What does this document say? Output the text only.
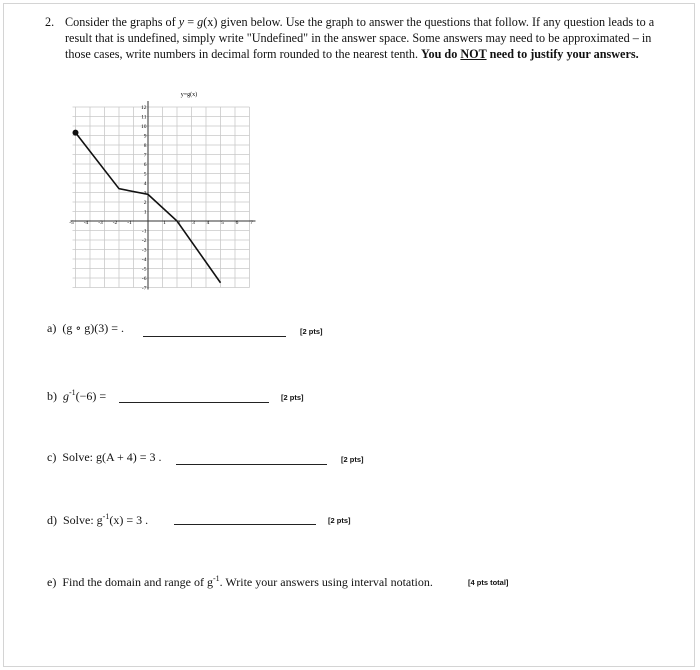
2. Consider the graphs of y = g(x) given below. Use the graph to answer the questions that follow. If any question leads to a result that is undefined, simply write "Undefined" in the answer space. Some answers may need to be approximated – in those cases, write numbers in decimal form rounded to the nearest tenth. You do NOT need to justify your answers.
-5 -4 -3 -2 -1	1 2 3 4 5 6 7
12
11
10
9
8
7
6
5
4
3
2
1
-1
-2
-3
-4
-5
-6
-7
y=g(x)
a) (g ∘ g)(3) = .	[2 pts]
b) $g^{-1}(-6)$ =	[2 pts]
c) Solve: g(A + 4) = 3 .	[2 pts]
d) Solve: $g^{-1}(x) = 3$ .	[2 pts]
e) Find the domain and range of $g^{-1}$. Write your answers using interval notation.	[4 pts total]
